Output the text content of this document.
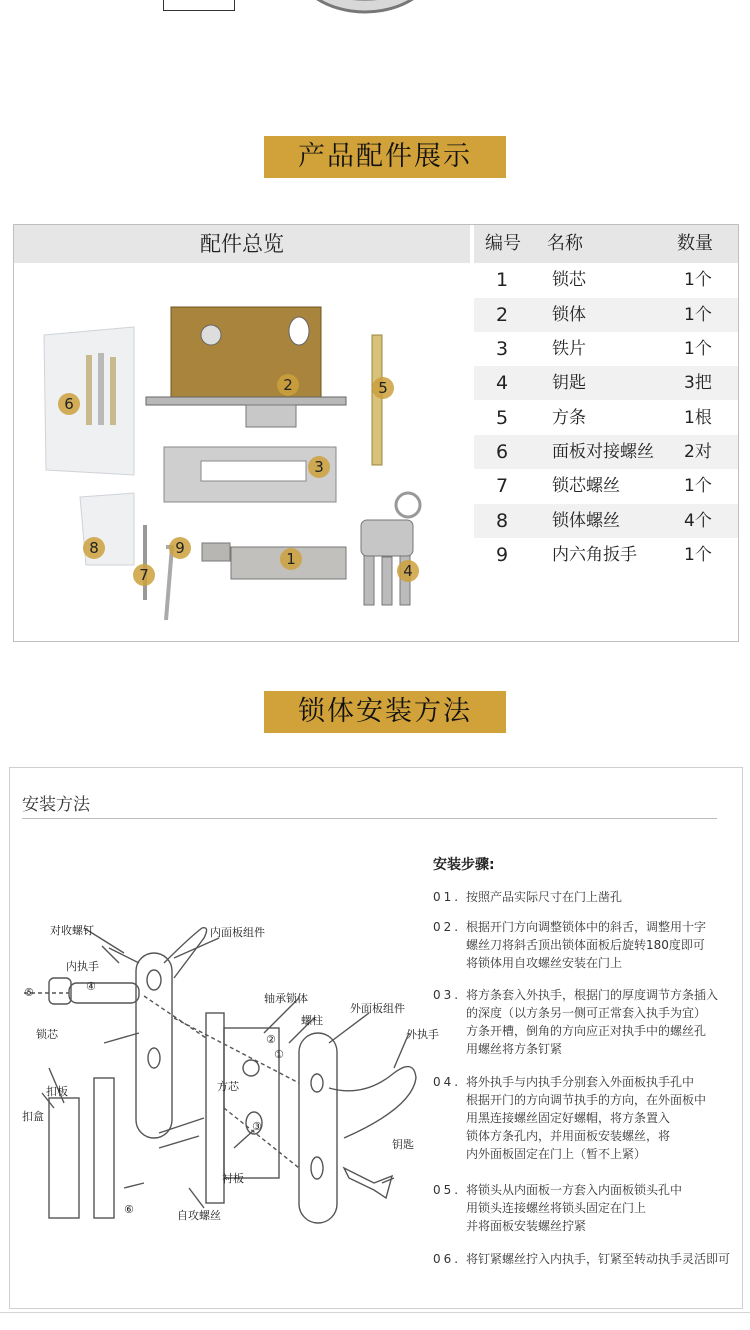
产品配件展示
配件总览
6
2	5
3
8	9
7
1
4
编号 名称	数量
1	锁芯	1个
2	锁体	1个
3	铁片	1个
4	钥匙	3把
5	方条	1根
6	面板对接螺丝 2对
7	锁芯螺丝	1个
8	锁体螺丝	4个
9	内六角扳手	1个
锁体安装方法
安装方法
安装步骤:
01. 按照产品实际尺寸在门上凿孔
02. 根据开门方向调整锁体中的斜舌，调整用十字
螺丝刀将斜舌顶出锁体面板后旋转180度即可
将锁体用自攻螺丝安装在门上
03. 将方条套入外执手，根据门的厚度调节方条插入
的深度（以方条另一侧可正常套入执手为宜）
方条开槽，倒角的方向应正对执手中的螺丝孔
用螺丝将方条钉紧
04. 将外执手与内执手分别套入外面板执手孔中
根据开门的方向调节执手的方向，在外面板中
用黑连接螺丝固定好螺帽，将方条置入
锁体方条孔内，并用面板安装螺丝，将
内外面板固定在门上（暂不上紧）
05. 将锁头从内面板一方套入内面板锁头孔中
用锁头连接螺丝将锁头固定在门上
并将面板安装螺丝拧紧
06. 将钉紧螺丝拧入内执手，钉紧至转动执手灵活即可
对收螺钉
内执手
内面板组件
锁芯
扣板
扣盒
轴承锁体
螺柱
外面板组件
外执手
方芯
衬板
钥匙
自攻螺丝
①
②
③
④
⑤
⑥
